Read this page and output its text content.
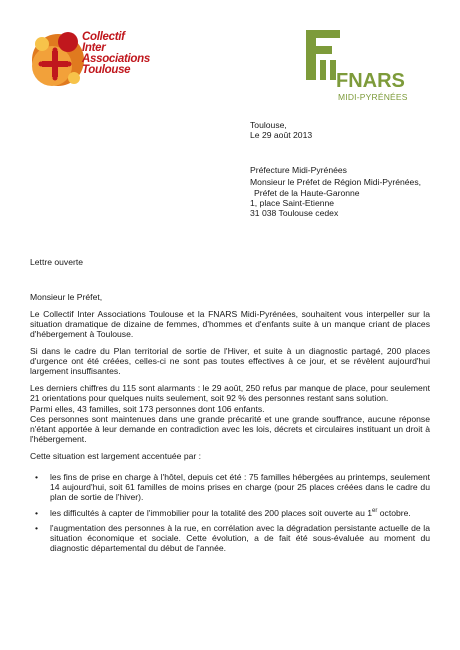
Collectif
Inter
Associations
Toulouse	FNARS
MIDI-PYRÉNÉES
Toulouse,
Le 29 août 2013
Préfecture Midi-Pyrénées
Monsieur le Préfet de Région Midi-Pyrénées,
Préfet de la Haute-Garonne
1, place Saint-Etienne
31 038 Toulouse cedex
Lettre ouverte
Monsieur le Préfet,
Le Collectif Inter Associations Toulouse et la FNARS Midi-Pyrénées, souhaitent vous interpeller sur la situation dramatique de dizaine de femmes, d'hommes et d'enfants suite à un manque criant de places d'hébergement à Toulouse.
Si dans le cadre du Plan territorial de sortie de l'Hiver, et suite à un diagnostic partagé, 200 places d'urgence ont été créées, celles-ci ne sont pas toutes effectives à ce jour, et se révèlent aujourd'hui largement insuffisantes.
Les derniers chiffres du 115 sont alarmants : le 29 août, 250 refus par manque de place, pour seulement 21 orientations pour quelques nuits seulement, soit 92 % des personnes restant sans solution.
Parmi elles, 43 familles, soit 173 personnes dont 106 enfants.
Ces personnes sont maintenues dans une grande précarité et une grande souffrance, aucune réponse n'étant apportée à leur demande en contradiction avec les lois, décrets et circulaires instituant un droit à l'hébergement.
Cette situation est largement accentuée par :
• les fins de prise en charge à l'hôtel, depuis cet été : 75 familles hébergées au printemps, seulement 14 aujourd'hui, soit 61 familles de moins prises en charge (pour 25 places créées dans le cadre du plan de sortie de l'hiver).
• les difficultés à capter de l'immobilier pour la totalité des 200 places soit ouverte au 1er octobre.
• l'augmentation des personnes à la rue, en corrélation avec la dégradation persistante actuelle de la situation économique et sociale. Cette évolution, a de fait été sous-évaluée au moment du diagnostic départemental du début de l'année.
